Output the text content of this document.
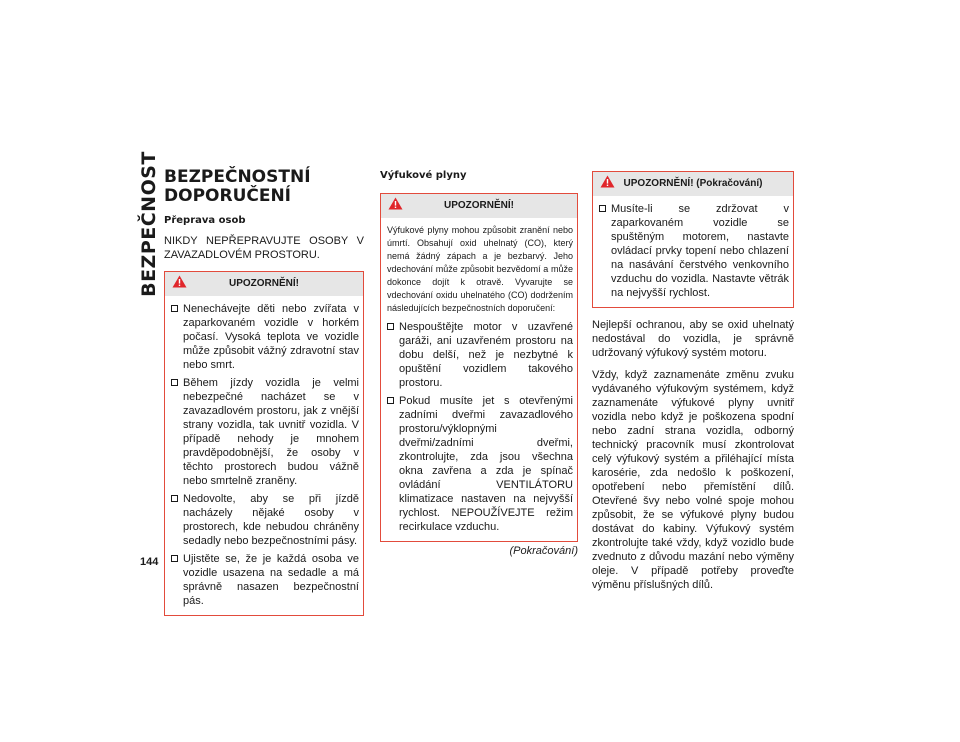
BEZPEČNOST
144
BEZPEČNOSTNÍ DOPORUČENÍ
Přeprava osob
NIKDY NEPŘEPRAVUJTE OSOBY V ZAVAZADLOVÉM PROSTORU.
UPOZORNĚNÍ!
Nenechávejte děti nebo zvířata v zaparkovaném vozidle v horkém počasí. Vysoká teplota ve vozidle může způsobit vážný zdravotní stav nebo smrt.
Během jízdy vozidla je velmi nebezpečné nacházet se v zavazadlovém prostoru, jak z vnější strany vozidla, tak uvnitř vozidla. V případě nehody je mnohem pravděpodobnější, že osoby v těchto prostorech budou vážně nebo smrtelně zraněny.
Nedovolte, aby se při jízdě nacházely nějaké osoby v prostorech, kde nebudou chráněny sedadly nebo bezpečnostními pásy.
Ujistěte se, že je každá osoba ve vozidle usazena na sedadle a má správně nasazen bezpečnostní pás.
Výfukové plyny
UPOZORNĚNÍ!

Výfukové plyny mohou způsobit zranění nebo úmrtí. Obsahují oxid uhelnatý (CO), který nemá žádný zápach a je bezbarvý. Jeho vdechování může způsobit bezvědomí a může dokonce dojít k otravě. Vyvarujte se vdechování oxidu uhelnatého (CO) dodržením následujících bezpečnostních doporučení:

Nespouštějte motor v uzavřené garáži, ani uzavřeném prostoru na dobu delší, než je nezbytné k opuštění vozidlem takového prostoru.
Pokud musíte jet s otevřenými zadními dveřmi zavazadlového prostoru/výklopnými dveřmi/zadními dveřmi, zkontrolujte, zda jsou všechna okna zavřena a zda je spínač ovládání VENTILÁTORU klimatizace nastaven na nejvyšší rychlost. NEPOUŽÍVEJTE režim recirkulace vzduchu.
(Pokračování)
UPOZORNĚNÍ! (Pokračování)
Musíte-li se zdržovat v zaparkovaném vozidle se spuštěným motorem, nastavte ovládací prvky topení nebo chlazení na nasávání čerstvého venkovního vzduchu do vozidla. Nastavte větrák na nejvyšší rychlost.

Nejlepší ochranou, aby se oxid uhelnatý nedostával do vozidla, je správně udržovaný výfukový systém motoru.

Vždy, když zaznamenáte změnu zvuku vydávaného výfukovým systémem, když zaznamenáte výfukové plyny uvnitř vozidla nebo když je poškozena spodní nebo zadní strana vozidla, odborný technický pracovník musí zkontrolovat celý výfukový systém a přiléhající místa karosérie, zda nedošlo k poškození, opotřebení nebo přemístění dílů. Otevřené švy nebo volné spoje mohou způsobit, že se výfukové plyny budou dostávat do kabiny. Výfukový systém zkontrolujte také vždy, když vozidlo bude zvednuto z důvodu mazání nebo výměny oleje. V případě potřeby proveďte výměnu příslušných dílů.
